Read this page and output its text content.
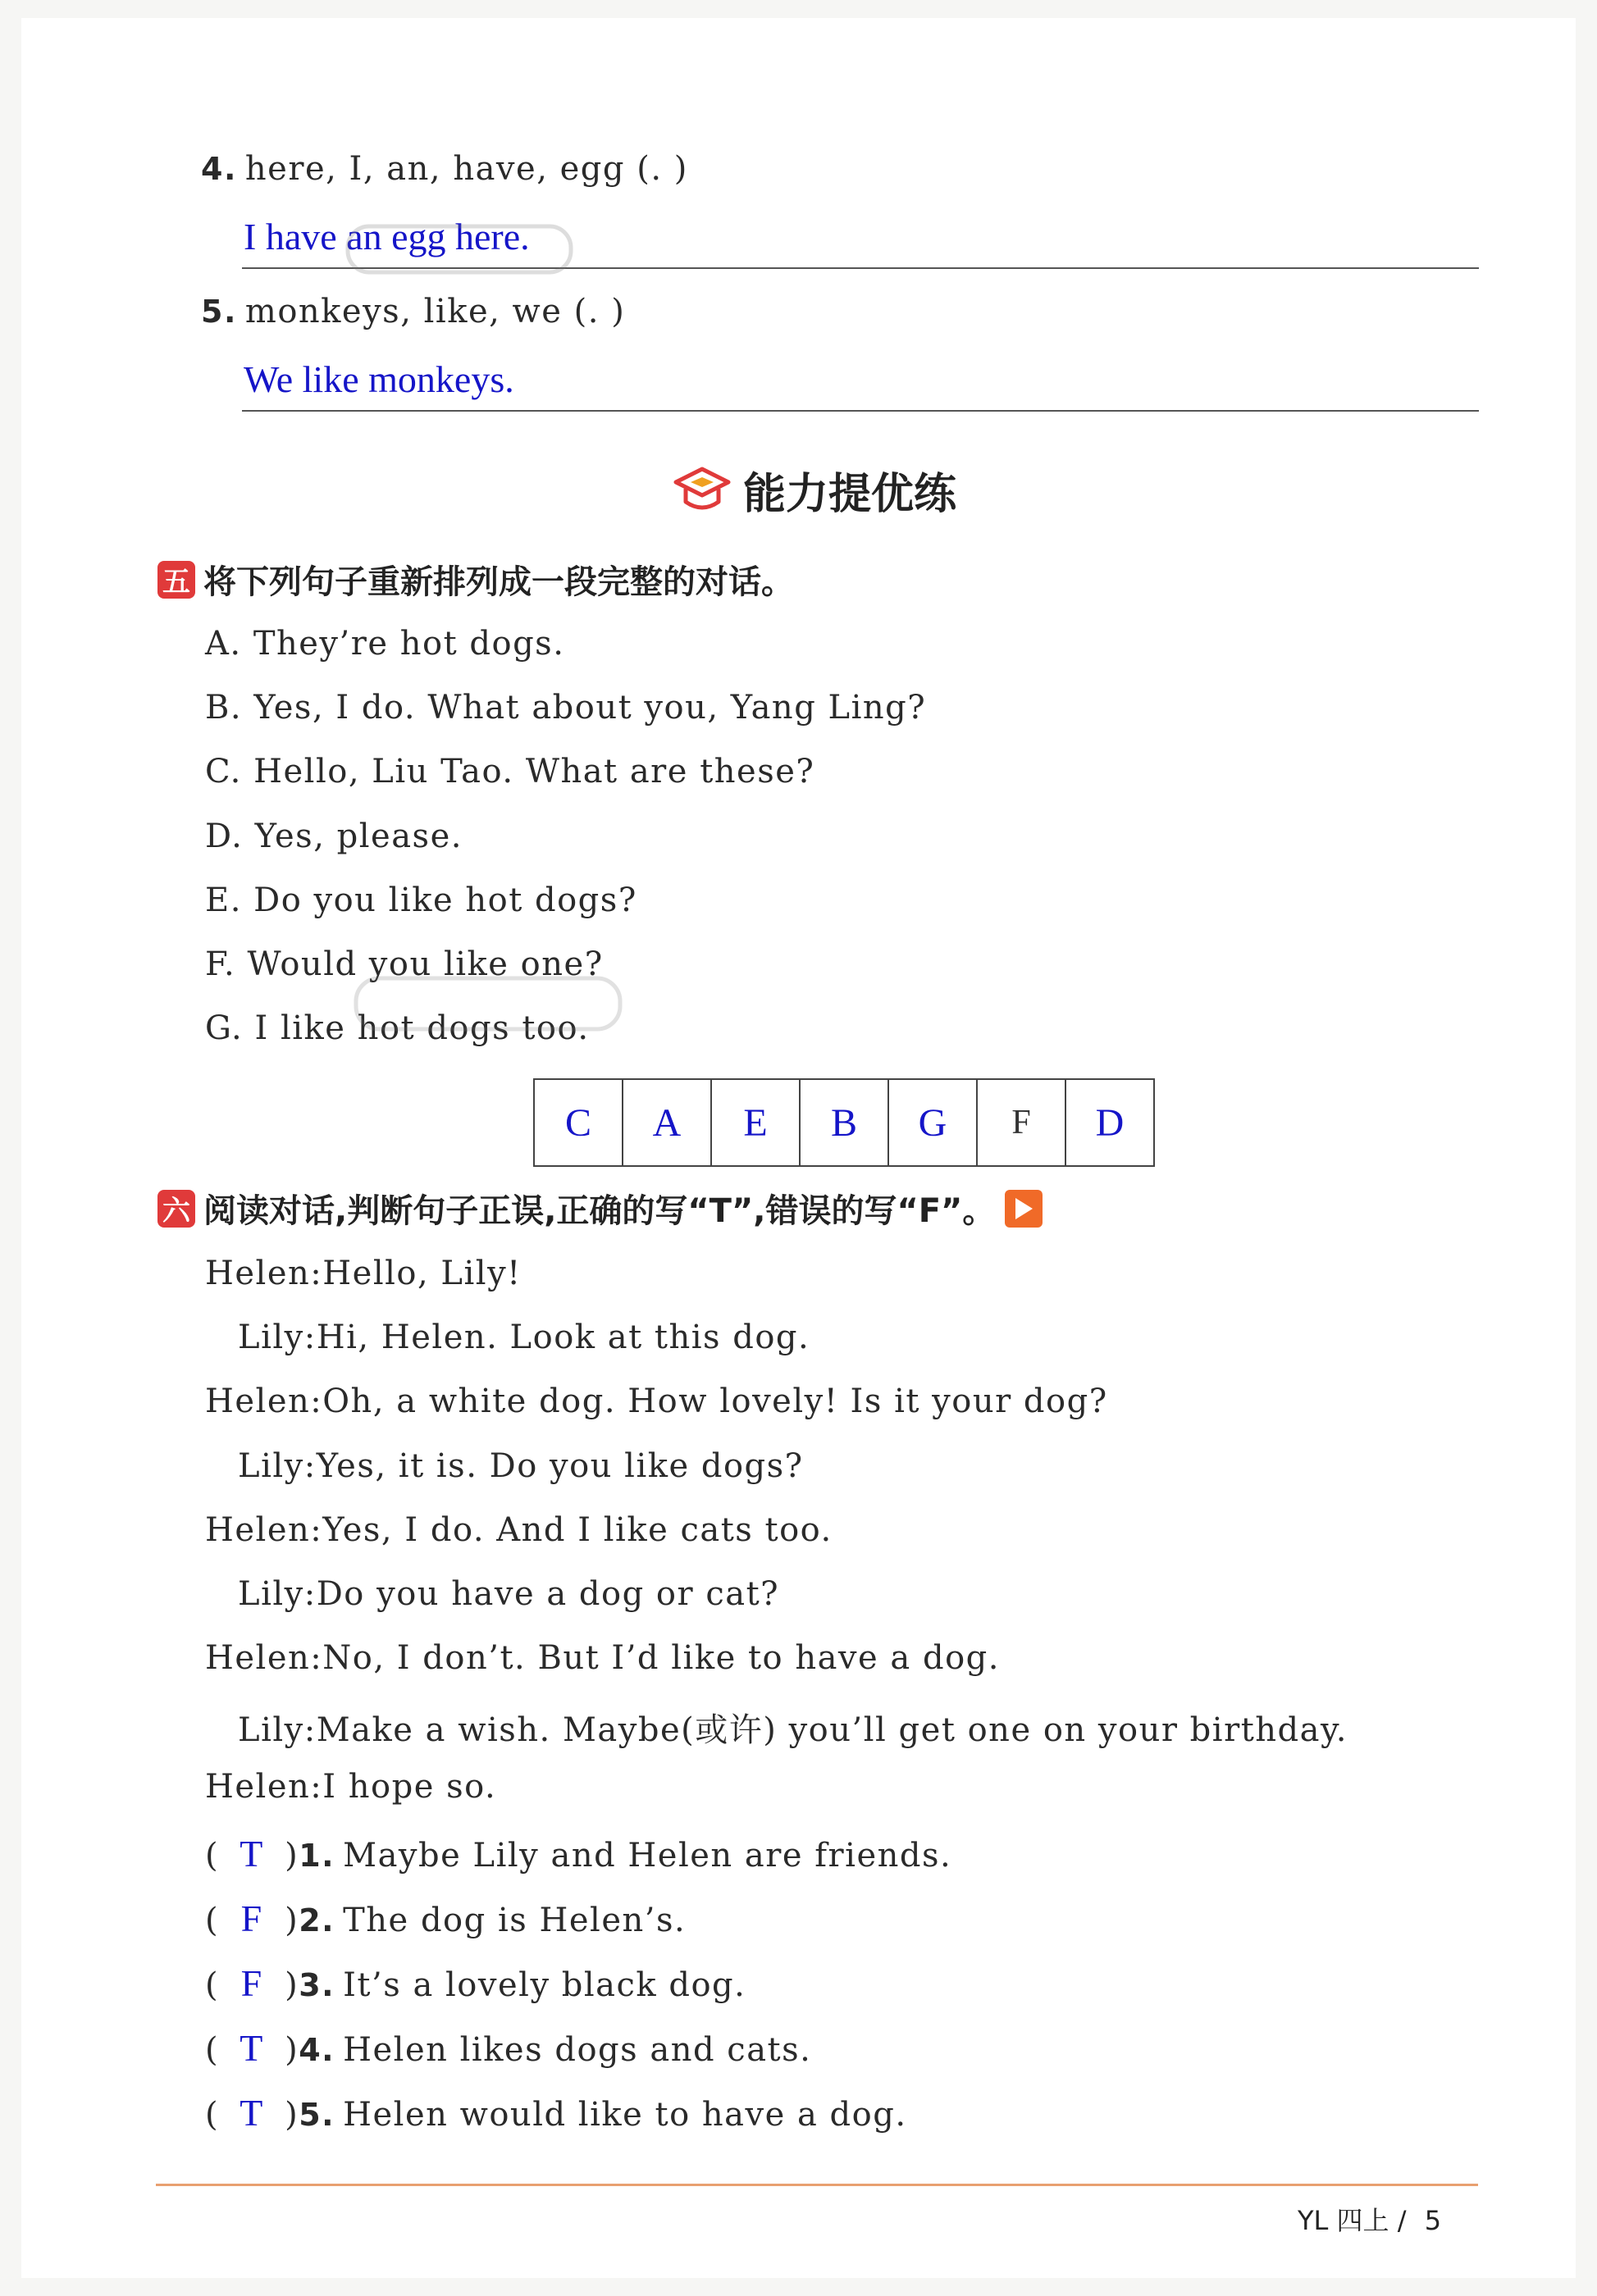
4. here, I, an, have, egg (. )
I have an egg here.
5. monkeys, like, we (. )
We like monkeys.
能力提优练
五 将下列句子重新排列成一段完整的对话。
A. They’re hot dogs.
B. Yes, I do. What about you, Yang Ling?
C. Hello, Liu Tao. What are these?
D. Yes, please.
E. Do you like hot dogs?
F. Would you like one?
G. I like hot dogs too.
C	A	E	B	G	F	D
六 阅读对话,判断句子正误,正确的写“T”,错误的写“F”。
Helen:Hello, Lily!
Lily:Hi, Helen. Look at this dog.
Helen:Oh, a white dog. How lovely! Is it your dog?
Lily:Yes, it is. Do you like dogs?
Helen:Yes, I do. And I like cats too.
Lily:Do you have a dog or cat?
Helen:No, I don’t. But I’d like to have a dog.
Lily:Make a wish. Maybe(或许) you’ll get one on your birthday.
Helen:I hope so.
( T )1. Maybe Lily and Helen are friends.
( F )2. The dog is Helen’s.
( F )3. It’s a lovely black dog.
( T )4. Helen likes dogs and cats.
( T )5. Helen would like to have a dog.
YL 四上 / 5
